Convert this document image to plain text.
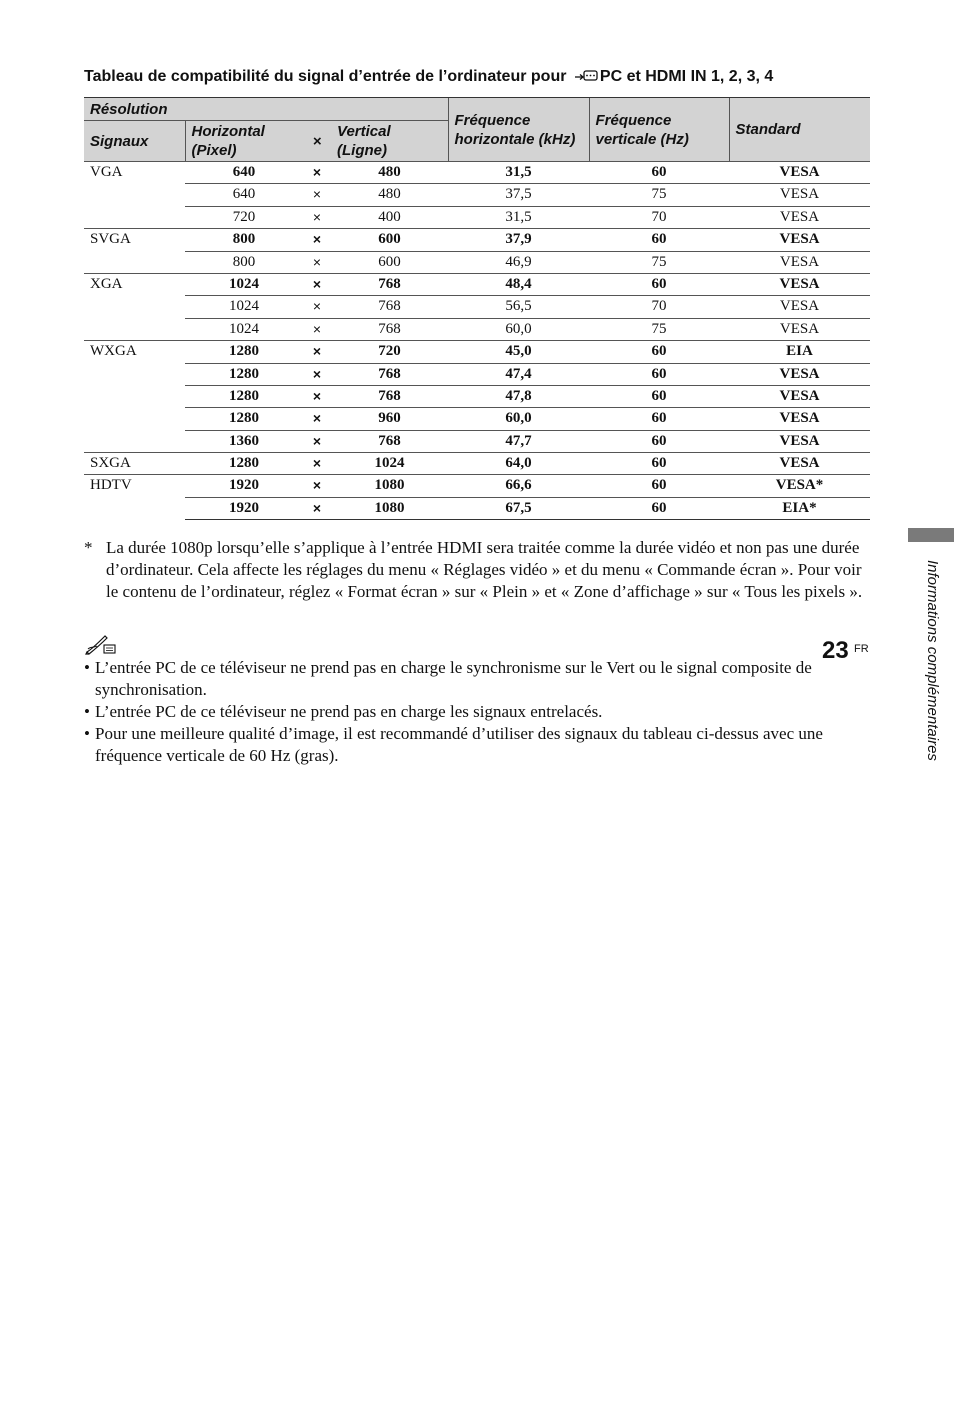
Tableau de compatibilité du signal d’entrée de l’ordinateur pour PC et HDMI IN 1, 2, 3, 4
Résolution				Fréquence horizontale (kHz)	Fréquence verticale (Hz)	Standard
Signaux	Horizontal (Pixel)	×	Vertical (Ligne)			
VGA	640	×	480	31,5	60	VESA
	640	×	480	37,5	75	VESA
	720	×	400	31,5	70	VESA
SVGA	800	×	600	37,9	60	VESA
	800	×	600	46,9	75	VESA
XGA	1024	×	768	48,4	60	VESA
	1024	×	768	56,5	70	VESA
	1024	×	768	60,0	75	VESA
WXGA	1280	×	720	45,0	60	EIA
	1280	×	768	47,4	60	VESA
	1280	×	768	47,8	60	VESA
	1280	×	960	60,0	60	VESA
	1360	×	768	47,7	60	VESA
SXGA	1280	×	1024	64,0	60	VESA
HDTV	1920	×	1080	66,6	60	VESA*
	1920	×	1080	67,5	60	EIA*
* La durée 1080p lorsqu’elle s’applique à l’entrée HDMI sera traitée comme la durée vidéo et non pas une durée d’ordinateur. Cela affecte les réglages du menu « Réglages vidéo » et du menu « Commande écran ». Pour voir le contenu de l’ordinateur, réglez « Format écran » sur « Plein » et « Zone d’affichage » sur « Tous les pixels ».
• L’entrée PC de ce téléviseur ne prend pas en charge le synchronisme sur le Vert ou le signal composite de synchronisation.
• L’entrée PC de ce téléviseur ne prend pas en charge les signaux entrelacés.
• Pour une meilleure qualité d’image, il est recommandé d’utiliser des signaux du tableau ci-dessus avec une fréquence verticale de 60 Hz (gras).	Informations complémentaires
23 FR
